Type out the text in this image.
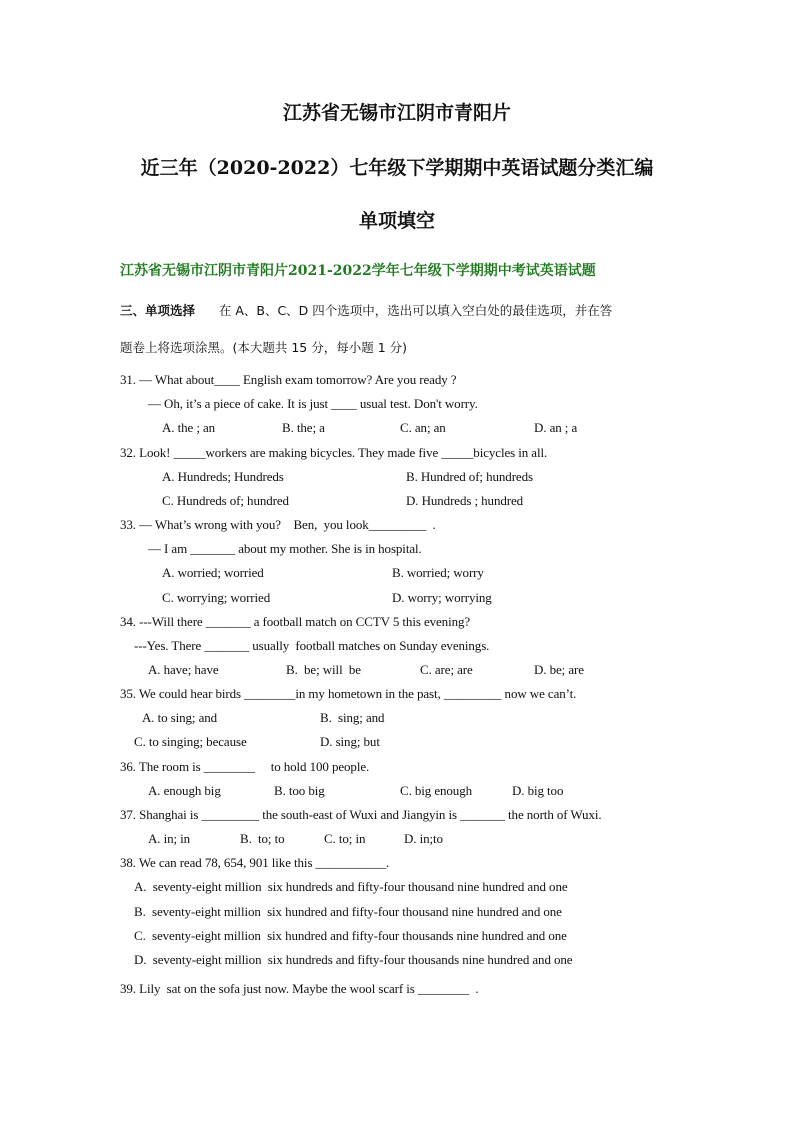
江苏省无锡市江阴市青阳片
近三年（2020-2022）七年级下学期期中英语试题分类汇编
单项填空
江苏省无锡市江阴市青阳片2021-2022学年七年级下学期期中考试英语试题
三、单项选择 在 A、B、C、D 四个选项中，选出可以填入空白处的最佳选项，并在答
题卷上将选项涂黑。(本大题共 15 分，每小题 1 分)
31. — What about____ English exam tomorrow? Are you ready ?
— Oh, it’s a piece of cake. It is just ____ usual test. Don't worry.
A. the ; an	B. the; a	C. an; an	D. an ; a
32. Look! _____workers are making bicycles. They made five _____bicycles in all.
A. Hundreds; Hundreds	B. Hundred of; hundreds
C. Hundreds of; hundred	D. Hundreds ; hundred
33. — What’s wrong with you?    Ben,  you look_________  .
— I am _______ about my mother. She is in hospital.
A. worried; worried	B. worried; worry
C. worrying; worried	D. worry; worrying
34. ---Will there _______ a football match on CCTV 5 this evening?
---Yes. There _______ usually  football matches on Sunday evenings.
A. have; have	B.  be; will  be	C. are; are	D. be; are
35. We could hear birds ________in my hometown in the past, _________ now we can’t.
A. to sing; and	B.  sing; and
C. to singing; because	D. sing; but
36. The room is ________     to hold 100 people.
A. enough big	B. too big	C. big enough	D. big too
37. Shanghai is _________ the south-east of Wuxi and Jiangyin is _______ the north of Wuxi.
A. in; in	B.  to; to	C. to; in	D. in;to
38. We can read 78, 654, 901 like this ___________.
A.  seventy-eight million  six hundreds and fifty-four thousand nine hundred and one
B.  seventy-eight million  six hundred and fifty-four thousand nine hundred and one
C.  seventy-eight million  six hundred and fifty-four thousands nine hundred and one
D.  seventy-eight million  six hundreds and fifty-four thousands nine hundred and one
39. Lily  sat on the sofa just now. Maybe the wool scarf is ________  .
